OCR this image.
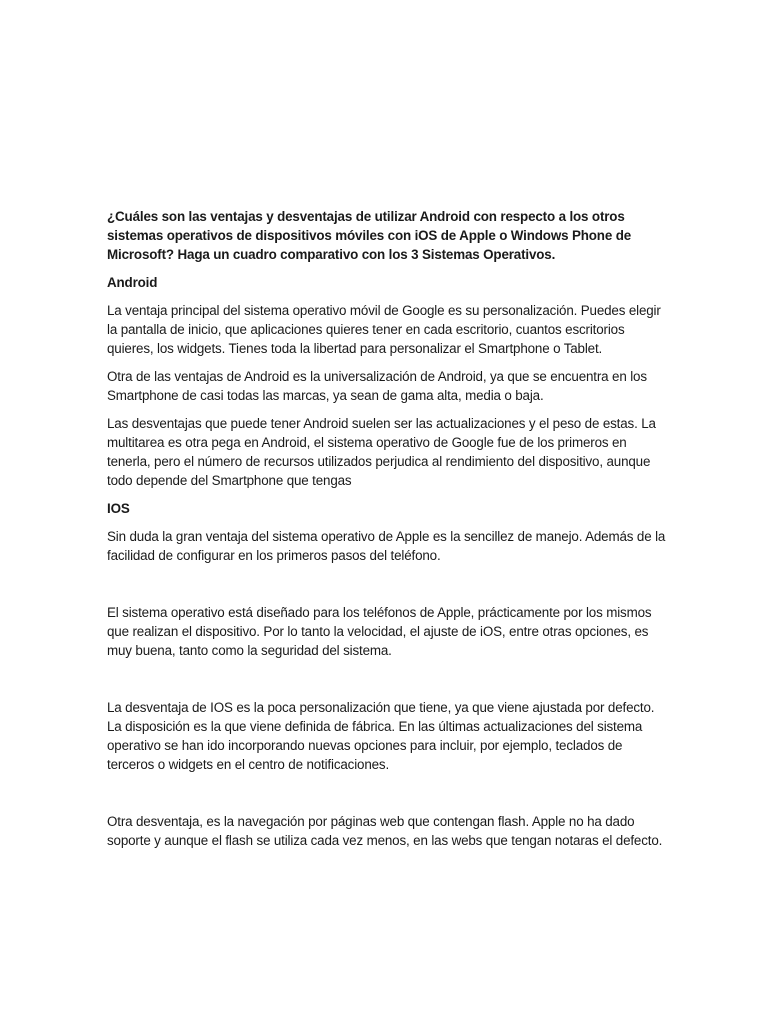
¿Cuáles son las ventajas y desventajas de utilizar Android con respecto a los otros sistemas operativos de dispositivos móviles con iOS de Apple o Windows Phone de Microsoft? Haga un cuadro comparativo con los 3 Sistemas Operativos.

Android

La ventaja principal del sistema operativo móvil de Google es su personalización. Puedes elegir la pantalla de inicio, que aplicaciones quieres tener en cada escritorio, cuantos escritorios quieres, los widgets. Tienes toda la libertad para personalizar el Smartphone o Tablet.

Otra de las ventajas de Android es la universalización de Android, ya que se encuentra en los Smartphone de casi todas las marcas, ya sean de gama alta, media o baja.

Las desventajas que puede tener Android suelen ser las actualizaciones y el peso de estas. La multitarea es otra pega en Android, el sistema operativo de Google fue de los primeros en tenerla, pero el número de recursos utilizados perjudica al rendimiento del dispositivo, aunque todo depende del Smartphone que tengas

IOS

Sin duda la gran ventaja del sistema operativo de Apple es la sencillez de manejo. Además de la facilidad de configurar en los primeros pasos del teléfono.

El sistema operativo está diseñado para los teléfonos de Apple, prácticamente por los mismos que realizan el dispositivo. Por lo tanto la velocidad, el ajuste de iOS, entre otras opciones, es muy buena, tanto como la seguridad del sistema.

La desventaja de IOS es la poca personalización que tiene, ya que viene ajustada por defecto. La disposición es la que viene definida de fábrica. En las últimas actualizaciones del sistema operativo se han ido incorporando nuevas opciones para incluir, por ejemplo, teclados de terceros o widgets en el centro de notificaciones.

Otra desventaja, es la navegación por páginas web que contengan flash. Apple no ha dado soporte y aunque el flash se utiliza cada vez menos, en las webs que tengan notaras el defecto.
